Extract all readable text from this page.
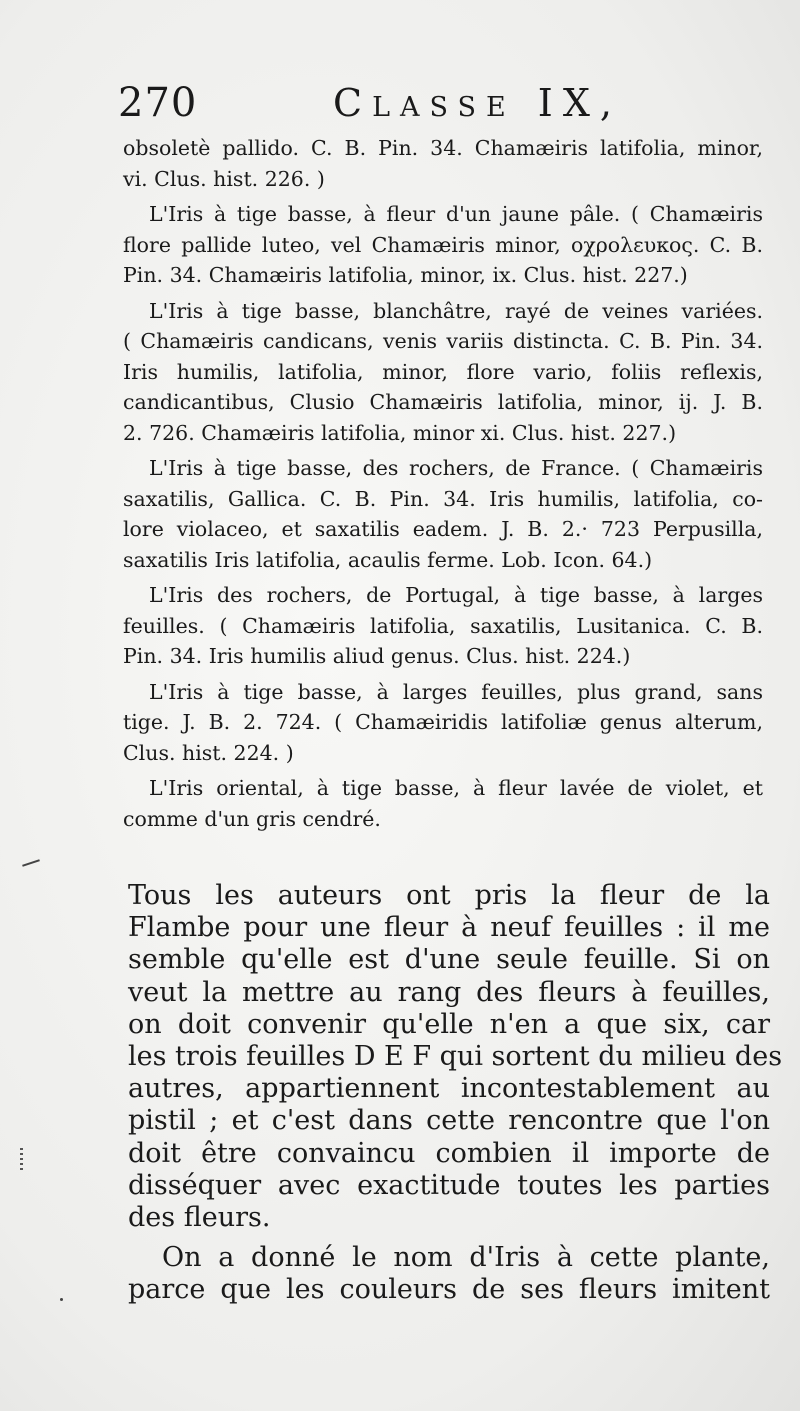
270	Classe IX,
obsoletè pallido. C. B. Pin. 34. Chamæiris latifolia, minor,
vi. Clus. hist. 226. )
L'Iris à tige basse, à fleur d'un jaune pâle. ( Chamæiris
flore pallide luteo, vel Chamæiris minor, οχρολευκος. C. B.
Pin. 34. Chamæiris latifolia, minor, ix. Clus. hist. 227.)
L'Iris à tige basse, blanchâtre, rayé de veines variées.
( Chamæiris candicans, venis variis distincta. C. B. Pin. 34.
Iris humilis, latifolia, minor, flore vario, foliis reflexis,
candicantibus, Clusio Chamæiris latifolia, minor, ij. J. B.
2. 726. Chamæiris latifolia, minor xi. Clus. hist. 227.)
L'Iris à tige basse, des rochers, de France. ( Chamæiris
saxatilis, Gallica. C. B. Pin. 34. Iris humilis, latifolia, co-
lore violaceo, et saxatilis eadem. J. B. 2.· 723 Perpusilla,
saxatilis Iris latifolia, acaulis ferme. Lob. Icon. 64.)
L'Iris des rochers, de Portugal, à tige basse, à larges
feuilles. ( Chamæiris latifolia, saxatilis, Lusitanica. C. B.
Pin. 34. Iris humilis aliud genus. Clus. hist. 224.)
L'Iris à tige basse, à larges feuilles, plus grand, sans
tige. J. B. 2. 724. ( Chamæiridis latifoliæ genus alterum,
Clus. hist. 224. )
L'Iris oriental, à tige basse, à fleur lavée de violet, et
comme d'un gris cendré.
Tous les auteurs ont pris la fleur de la
Flambe pour une fleur à neuf feuilles : il me
semble qu'elle est d'une seule feuille. Si on
veut la mettre au rang des fleurs à feuilles,
on doit convenir qu'elle n'en a que six, car
les trois feuilles D E F qui sortent du milieu des
autres, appartiennent incontestablement au
pistil ; et c'est dans cette rencontre que l'on
doit être convaincu combien il importe de
disséquer avec exactitude toutes les parties
des fleurs.
On a donné le nom d'Iris à cette plante,
parce que les couleurs de ses fleurs imitent
